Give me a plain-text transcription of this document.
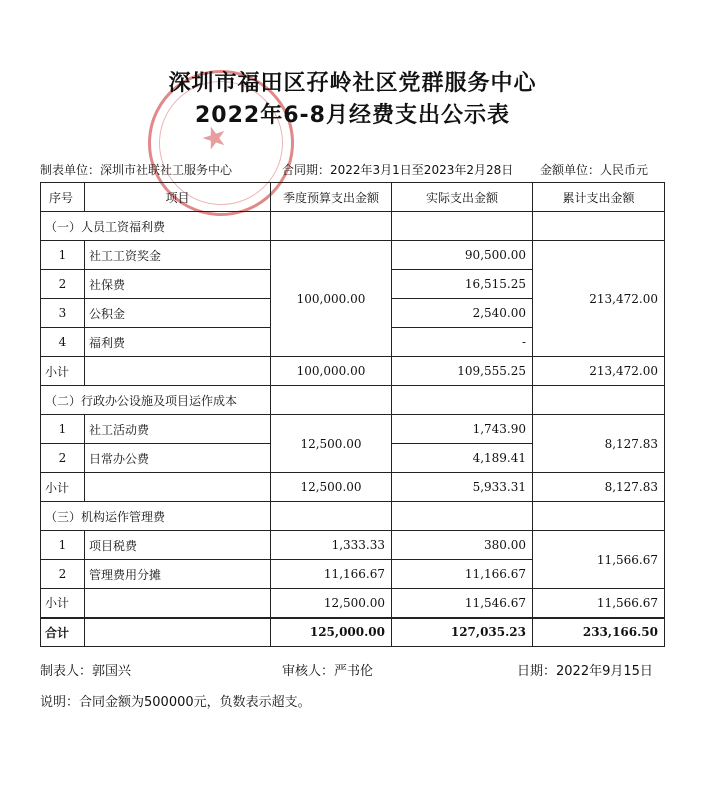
★
深圳市福田区孖岭社区党群服务中心
2022年6-8月经费支出公示表
制表单位：深圳市社联社工服务中心	合同期：2022年3月1日至2023年2月28日 金额单位：人民币元
序号	项目	季度预算支出金额	实际支出金额	累计支出金额
（一）人员工资福利费				
1	社工工资奖金	100,000.00	90,500.00	213,472.00
2	社保费		16,515.25	
3	公积金		2,540.00	
4	福利费		-	
小计		100,000.00	109,555.25	213,472.00
（二）行政办公设施及项目运作成本				
1	社工活动费	12,500.00	1,743.90	8,127.83
2	日常办公费		4,189.41	
小计		12,500.00	5,933.31	8,127.83
（三）机构运作管理费				
1	项目税费	1,333.33	380.00	11,566.67
2	管理费用分摊	11,166.67	11,166.67	
小计		12,500.00	11,546.67	11,566.67
合计		125,000.00	127,035.23	233,166.50
制表人：郭国兴	审核人：严书伦	日期：2022年9月15日
说明：合同金额为500000元，负数表示超支。
